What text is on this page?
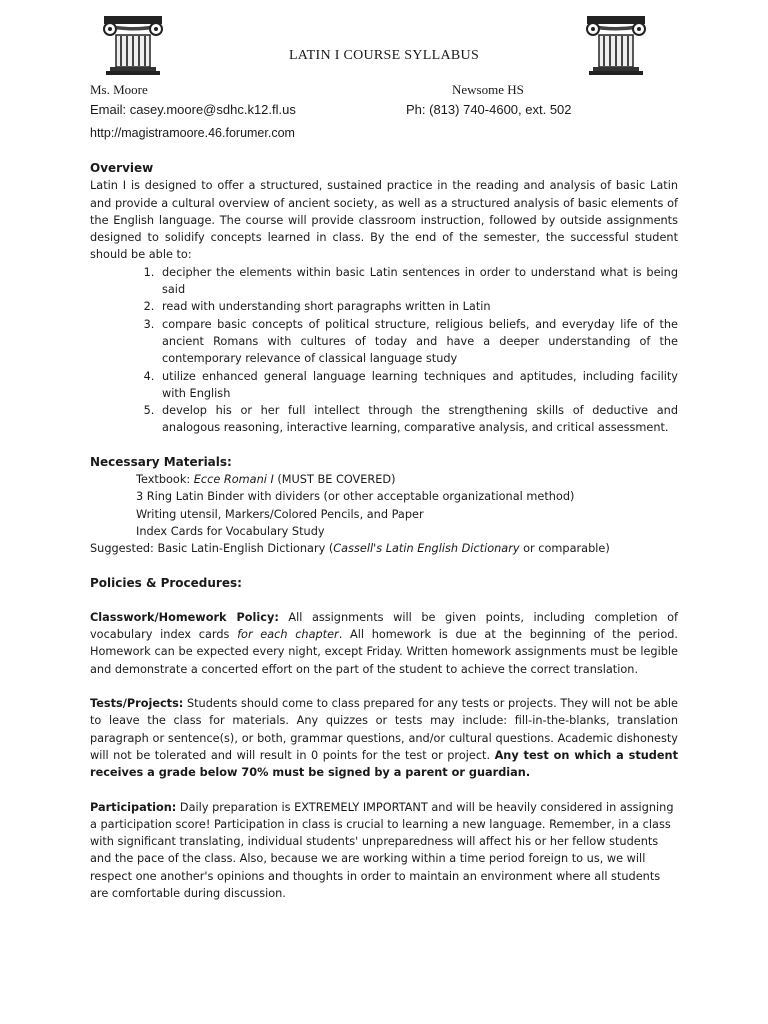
LATIN I COURSE SYLLABUS
Ms. Moore	Newsome HS
Email: casey.moore@sdhc.k12.fl.us	Ph: (813) 740-4600, ext. 502
http://magistramoore.46.forumer.com
Overview

Latin I is designed to offer a structured, sustained practice in the reading and analysis of basic Latin and provide a cultural overview of ancient society, as well as a structured analysis of basic elements of the English language. The course will provide classroom instruction, followed by outside assignments designed to solidify concepts learned in class. By the end of the semester, the successful student should be able to:

1. decipher the elements within basic Latin sentences in order to understand what is being said
2. read with understanding short paragraphs written in Latin
3. compare basic concepts of political structure, religious beliefs, and everyday life of the ancient Romans with cultures of today and have a deeper understanding of the contemporary relevance of classical language study
4. utilize enhanced general language learning techniques and aptitudes, including facility with English
5. develop his or her full intellect through the strengthening skills of deductive and analogous reasoning, interactive learning, comparative analysis, and critical assessment.
Necessary Materials:

Textbook: Ecce Romani I (MUST BE COVERED)

3 Ring Latin Binder with dividers (or other acceptable organizational method)

Writing utensil, Markers/Colored Pencils, and Paper

Index Cards for Vocabulary Study

Suggested: Basic Latin-English Dictionary (Cassell's Latin English Dictionary or comparable)

Policies & Procedures:

Classwork/Homework Policy: All assignments will be given points, including completion of vocabulary index cards for each chapter. All homework is due at the beginning of the period. Homework can be expected every night, except Friday. Written homework assignments must be legible and demonstrate a concerted effort on the part of the student to achieve the correct translation.

Tests/Projects: Students should come to class prepared for any tests or projects. They will not be able to leave the class for materials. Any quizzes or tests may include: fill-in-the-blanks, translation paragraph or sentence(s), or both, grammar questions, and/or cultural questions. Academic dishonesty will not be tolerated and will result in 0 points for the test or project. Any test on which a student receives a grade below 70% must be signed by a parent or guardian.

Participation: Daily preparation is EXTREMELY IMPORTANT and will be heavily considered in assigning a participation score! Participation in class is crucial to learning a new language. Remember, in a class with significant translating, individual students' unpreparedness will affect his or her fellow students and the pace of the class. Also, because we are working within a time period foreign to us, we will respect one another's opinions and thoughts in order to maintain an environment where all students are comfortable during discussion.
